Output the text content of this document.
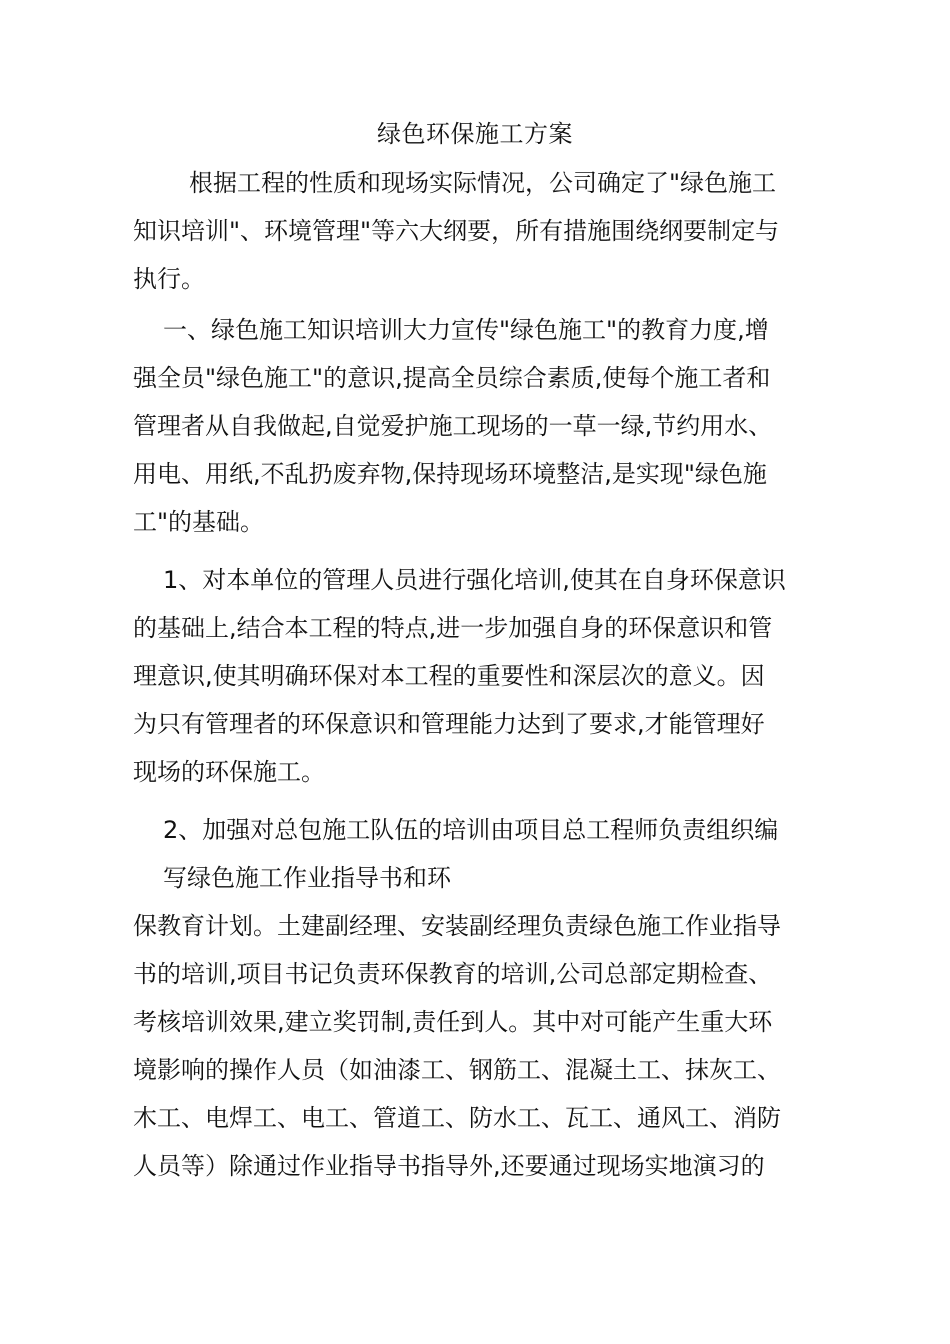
绿色环保施工方案
根据工程的性质和现场实际情况，公司确定了"绿色施工
知识培训"、环境管理"等六大纲要，所有措施围绕纲要制定与
执行。
一、绿色施工知识培训大力宣传"绿色施工"的教育力度,增
强全员"绿色施工"的意识,提高全员综合素质,使每个施工者和
管理者从自我做起,自觉爱护施工现场的一草一绿,节约用水、
用电、用纸,不乱扔废弃物,保持现场环境整洁,是实现"绿色施
工"的基础。
1、对本单位的管理人员进行强化培训,使其在自身环保意识
的基础上,结合本工程的特点,进一步加强自身的环保意识和管
理意识,使其明确环保对本工程的重要性和深层次的意义。因
为只有管理者的环保意识和管理能力达到了要求,才能管理好
现场的环保施工。
2、加强对总包施工队伍的培训由项目总工程师负责组织编
写绿色施工作业指导书和环
保教育计划。土建副经理、安装副经理负责绿色施工作业指导
书的培训,项目书记负责环保教育的培训,公司总部定期检查、
考核培训效果,建立奖罚制,责任到人。其中对可能产生重大环
境影响的操作人员（如油漆工、钢筋工、混凝土工、抹灰工、
木工、电焊工、电工、管道工、防水工、瓦工、通风工、消防
人员等）除通过作业指导书指导外,还要通过现场实地演习的
